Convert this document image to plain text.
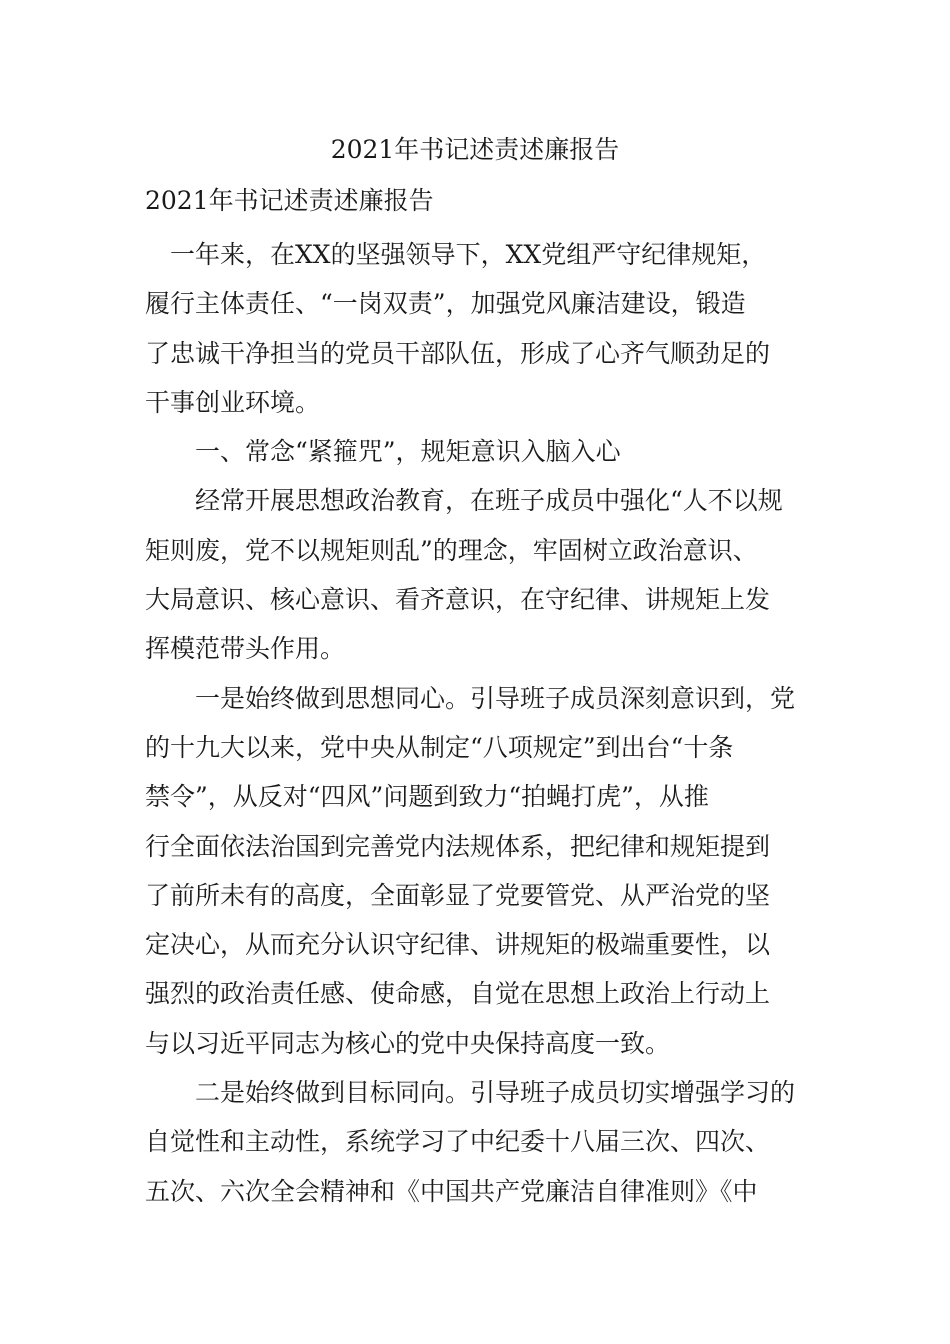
2021年书记述责述廉报告
2021年书记述责述廉报告
　一年来，在XX的坚强领导下，XX党组严守纪律规矩，
履行主体责任、“一岗双责”，加强党风廉洁建设，锻造
了忠诚干净担当的党员干部队伍，形成了心齐气顺劲足的
干事创业环境。
　　一、常念“紧箍咒”，规矩意识入脑入心
　　经常开展思想政治教育，在班子成员中强化“人不以规
矩则废，党不以规矩则乱”的理念，牢固树立政治意识、
大局意识、核心意识、看齐意识，在守纪律、讲规矩上发
挥模范带头作用。
　　一是始终做到思想同心。引导班子成员深刻意识到，党
的十九大以来，党中央从制定“八项规定”到出台“十条
禁令”，从反对“四风”问题到致力“拍蝇打虎”，从推
行全面依法治国到完善党内法规体系，把纪律和规矩提到
了前所未有的高度，全面彰显了党要管党、从严治党的坚
定决心，从而充分认识守纪律、讲规矩的极端重要性，以
强烈的政治责任感、使命感，自觉在思想上政治上行动上
与以习近平同志为核心的党中央保持高度一致。
　　二是始终做到目标同向。引导班子成员切实增强学习的
自觉性和主动性，系统学习了中纪委十八届三次、四次、
五次、六次全会精神和《中国共产党廉洁自律准则》《中
